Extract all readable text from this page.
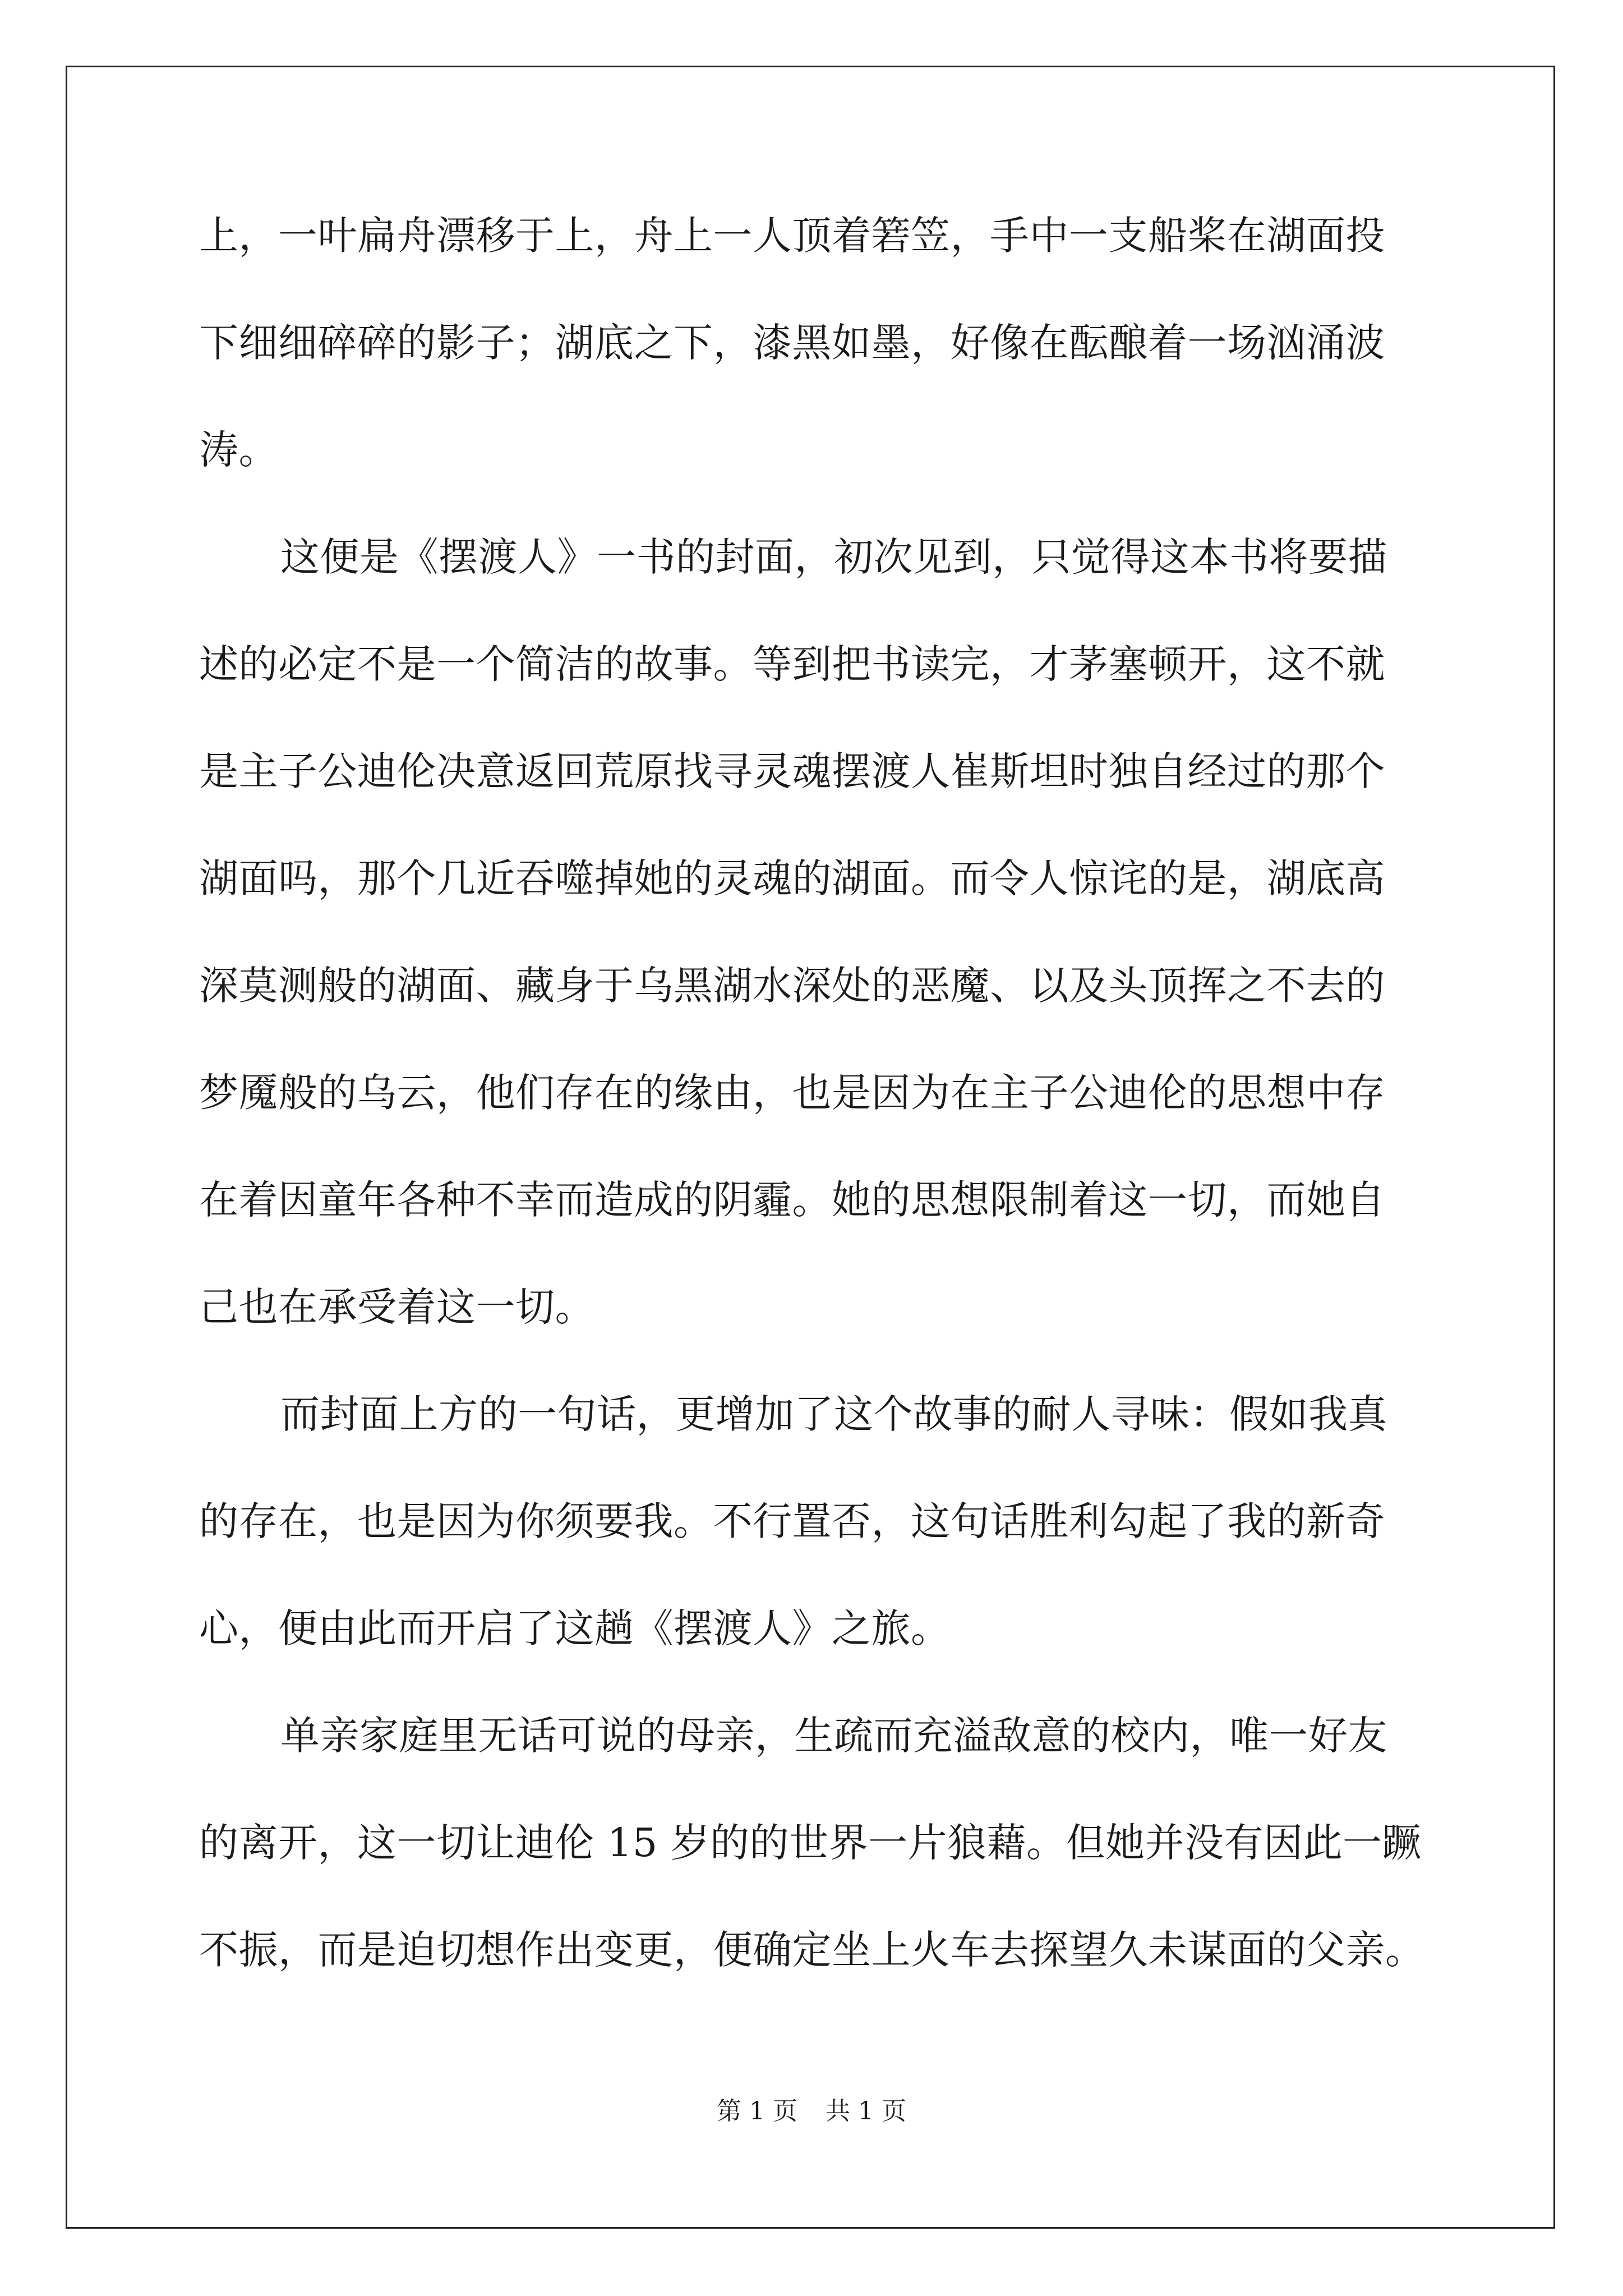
上，一叶扁舟漂移于上，舟上一人顶着箬笠，手中一支船桨在湖面投
下细细碎碎的影子；湖底之下，漆黑如墨，好像在酝酿着一场汹涌波
涛。
这便是《摆渡人》一书的封面，初次见到，只觉得这本书将要描
述的必定不是一个简洁的故事。等到把书读完，才茅塞顿开，这不就
是主子公迪伦决意返回荒原找寻灵魂摆渡人崔斯坦时独自经过的那个
湖面吗，那个几近吞噬掉她的灵魂的湖面。而令人惊诧的是，湖底高
深莫测般的湖面、藏身于乌黑湖水深处的恶魔、以及头顶挥之不去的
梦魇般的乌云，他们存在的缘由，也是因为在主子公迪伦的思想中存
在着因童年各种不幸而造成的阴霾。她的思想限制着这一切，而她自
己也在承受着这一切。
而封面上方的一句话，更增加了这个故事的耐人寻味：假如我真
的存在，也是因为你须要我。不行置否，这句话胜利勾起了我的新奇
心，便由此而开启了这趟《摆渡人》之旅。
单亲家庭里无话可说的母亲，生疏而充溢敌意的校内，唯一好友
的离开，这一切让迪伦 15 岁的的世界一片狼藉。但她并没有因此一蹶
不振，而是迫切想作出变更，便确定坐上火车去探望久未谋面的父亲。
第 1 页 共 1 页
